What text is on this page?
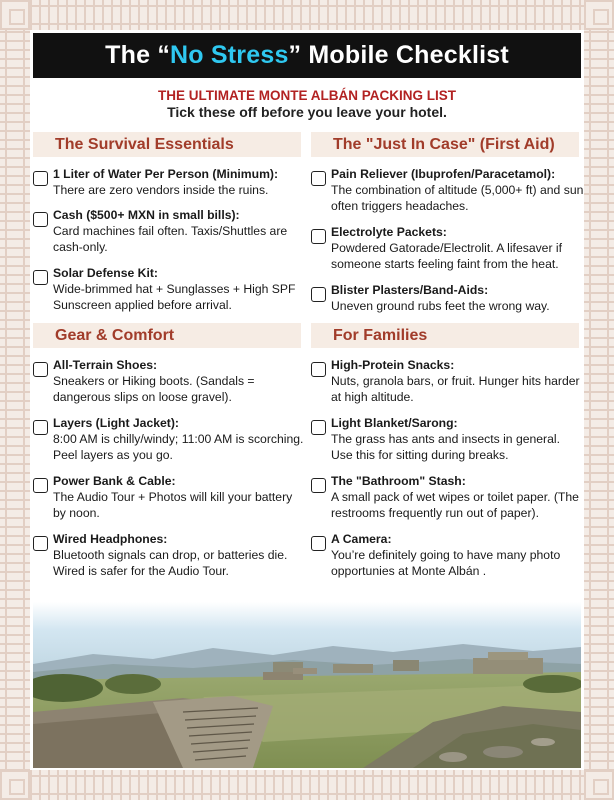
The “ No Stress ” Mobile Checklist
THE ULTIMATE MONTE ALBÁN PACKING LIST
Tick these off before you leave your hotel.
The Survival Essentials
1 Liter of Water Per Person (Minimum):
There are zero vendors inside the ruins.
Cash ($500+ MXN in small bills):
Card machines fail often. Taxis/Shuttles are cash-only.
Solar Defense Kit:
Wide-brimmed hat + Sunglasses + High SPF Sunscreen applied before arrival.
Gear & Comfort
All-Terrain Shoes:
Sneakers or Hiking boots. (Sandals = dangerous slips on loose gravel).
Layers (Light Jacket):
8:00 AM is chilly/windy; 11:00 AM is scorching. Peel layers as you go.
Power Bank & Cable:
The Audio Tour + Photos will kill your battery by noon.
Wired Headphones:
Bluetooth signals can drop, or batteries die. Wired is safer for the Audio Tour.
The "Just In Case" (First Aid)
Pain Reliever (Ibuprofen/Paracetamol):
The combination of altitude (5,000+ ft) and sun often triggers headaches.
Electrolyte Packets:
Powdered Gatorade/Electrolit. A lifesaver if someone starts feeling faint from the heat.
Blister Plasters/Band-Aids:
Uneven ground rubs feet the wrong way.
For Families
High-Protein Snacks:
Nuts, granola bars, or fruit. Hunger hits harder at high altitude.
Light Blanket/Sarong:
The grass has ants and insects in general. Use this for sitting during breaks.
The "Bathroom" Stash:
A small pack of wet wipes or toilet paper. (The restrooms frequently run out of paper).
A Camera:
You’re definitely going to have many photo opportunies at Monte Albán .
